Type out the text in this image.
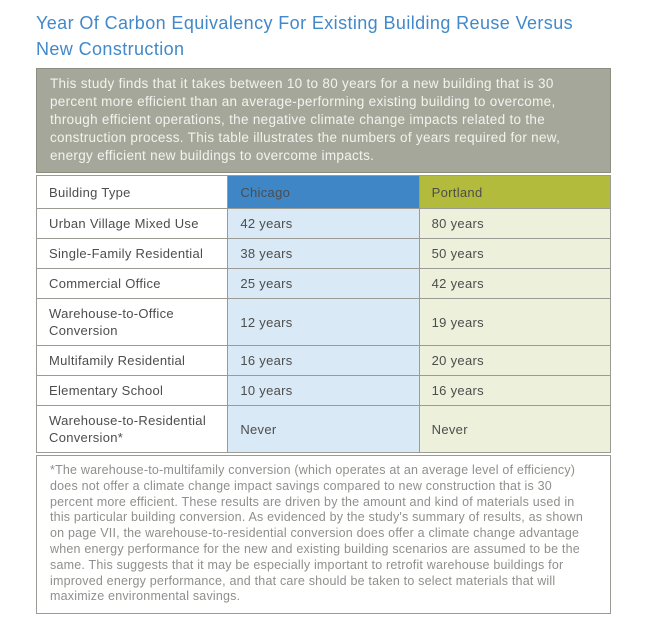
Year Of Carbon Equivalency For Existing Building Reuse Versus New Construction

This study finds that it takes between 10 to 80 years for a new building that is 30 percent more efficient than an average-performing existing building to overcome, through efficient operations, the negative climate change impacts related to the construction process. This table illustrates the numbers of years required for new, energy efficient new buildings to overcome impacts.

Building Type	Chicago	Portland
Urban Village Mixed Use	42 years	80 years
Single-Family Residential	38 years	50 years
Commercial Office	25 years	42 years
Warehouse-to-Office Conversion	12 years	19 years
Multifamily Residential	16 years	20 years
Elementary School	10 years	16 years
Warehouse-to-Residential Conversion*	Never	Never

*The warehouse-to-multifamily conversion (which operates at an average level of efficiency) does not offer a climate change impact savings compared to new construction that is 30 percent more efficient. These results are driven by the amount and kind of materials used in this particular building conversion. As evidenced by the study's summary of results, as shown on page VII, the warehouse-to-residential conversion does offer a climate change advantage when energy performance for the new and existing building scenarios are assumed to be the same. This suggests that it may be especially important to retrofit warehouse buildings for improved energy performance, and that care should be taken to select materials that will maximize environmental savings.
